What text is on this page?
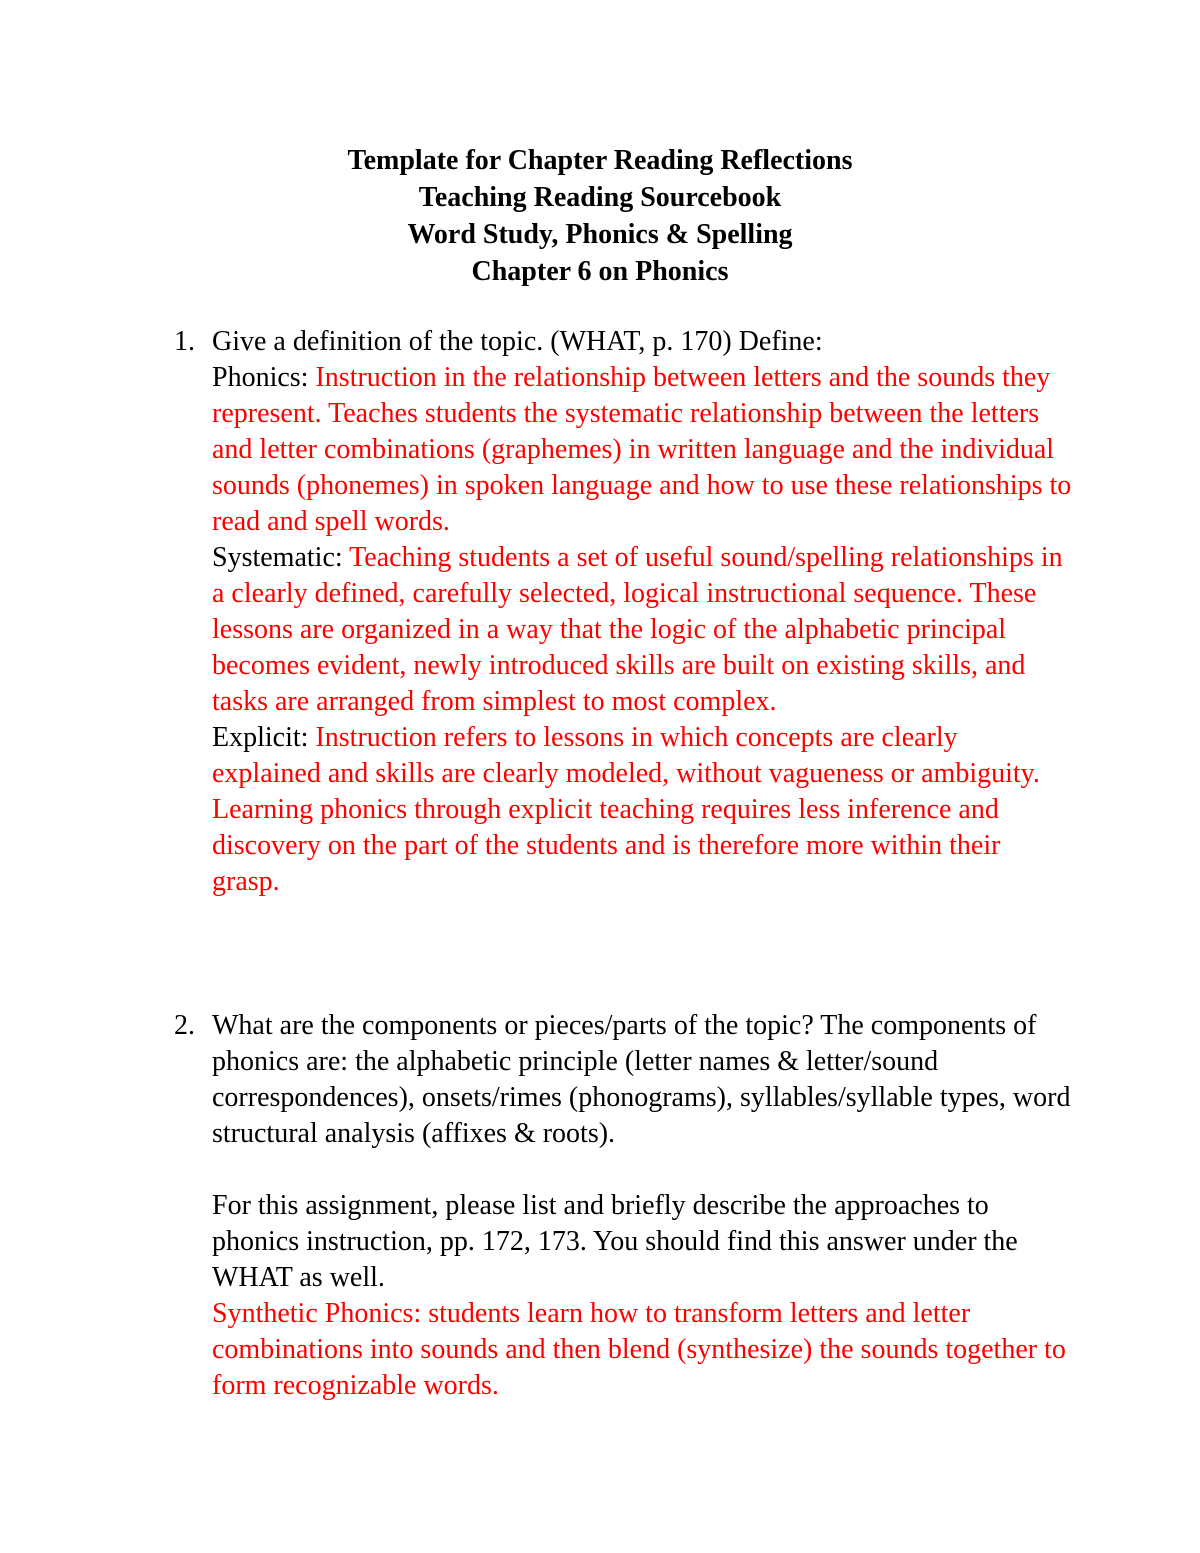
Template for Chapter Reading Reflections
Teaching Reading Sourcebook
Word Study, Phonics & Spelling
Chapter 6 on Phonics
1. Give a definition of the topic. (WHAT, p. 170) Define:
Phonics: Instruction in the relationship between letters and the sounds they represent. Teaches students the systematic relationship between the letters and letter combinations (graphemes) in written language and the individual sounds (phonemes) in spoken language and how to use these relationships to read and spell words.
Systematic: Teaching students a set of useful sound/spelling relationships in a clearly defined, carefully selected, logical instructional sequence. These lessons are organized in a way that the logic of the alphabetic principal becomes evident, newly introduced skills are built on existing skills, and tasks are arranged from simplest to most complex.
Explicit: Instruction refers to lessons in which concepts are clearly explained and skills are clearly modeled, without vagueness or ambiguity. Learning phonics through explicit teaching requires less inference and discovery on the part of the students and is therefore more within their grasp.
2. What are the components or pieces/parts of the topic? The components of phonics are: the alphabetic principle (letter names & letter/sound correspondences), onsets/rimes (phonograms), syllables/syllable types, word structural analysis (affixes & roots).
For this assignment, please list and briefly describe the approaches to phonics instruction, pp. 172, 173. You should find this answer under the WHAT as well.
Synthetic Phonics: students learn how to transform letters and letter combinations into sounds and then blend (synthesize) the sounds together to form recognizable words.
